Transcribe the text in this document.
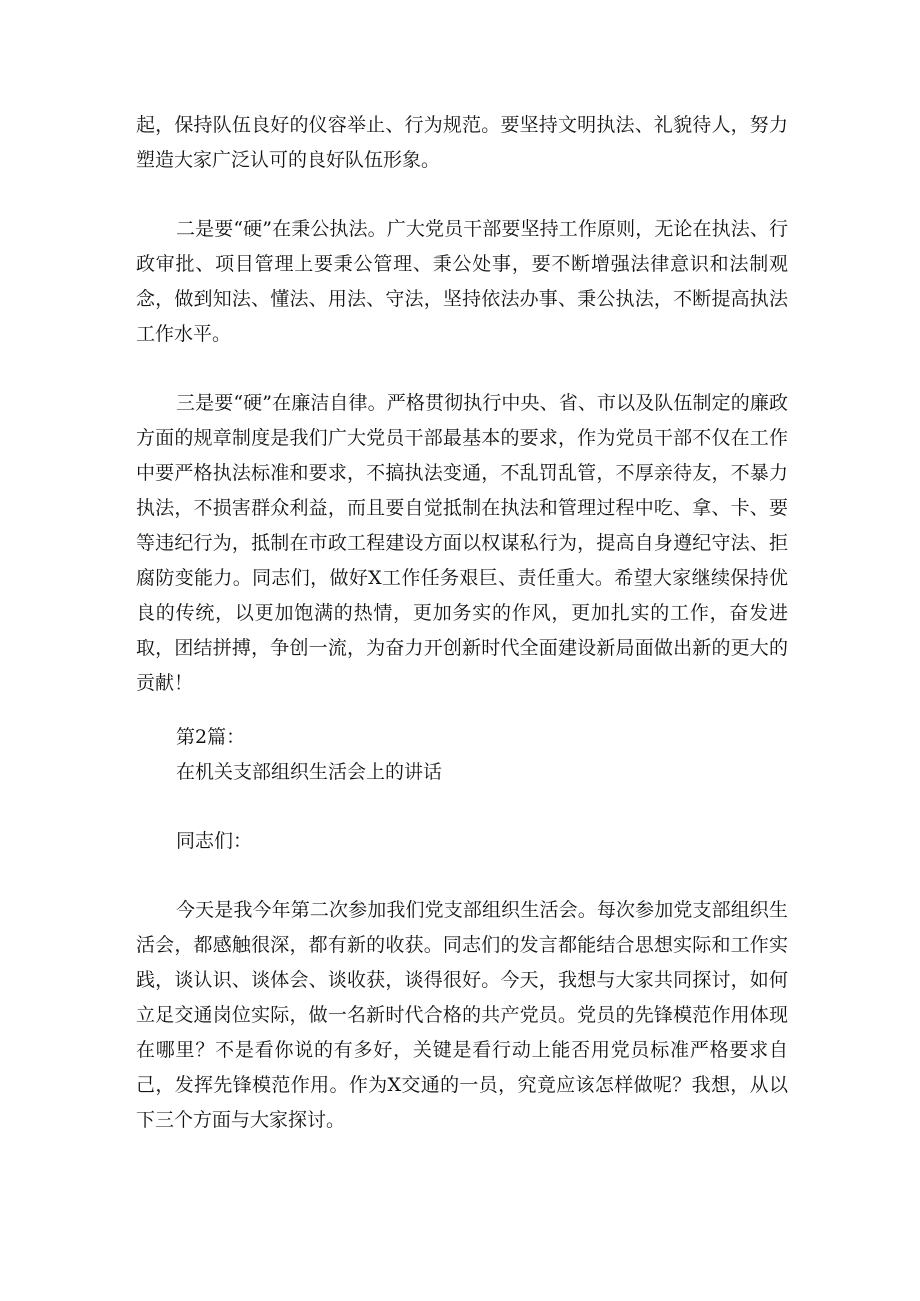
起，保持队伍良好的仪容举止、行为规范。要坚持文明执法、礼貌待人，努力塑造大家广泛认可的良好队伍形象。

二是要“硬”在秉公执法。广大党员干部要坚持工作原则，无论在执法、行政审批、项目管理上要秉公管理、秉公处事，要不断增强法律意识和法制观念，做到知法、懂法、用法、守法，坚持依法办事、秉公执法，不断提高执法工作水平。

三是要“硬”在廉洁自律。严格贯彻执行中央、省、市以及队伍制定的廉政方面的规章制度是我们广大党员干部最基本的要求，作为党员干部不仅在工作中要严格执法标准和要求，不搞执法变通，不乱罚乱管，不厚亲待友，不暴力执法，不损害群众利益，而且要自觉抵制在执法和管理过程中吃、拿、卡、要等违纪行为，抵制在市政工程建设方面以权谋私行为，提高自身遵纪守法、拒腐防变能力。同志们，做好X工作任务艰巨、责任重大。希望大家继续保持优良的传统，以更加饱满的热情，更加务实的作风，更加扎实的工作，奋发进取，团结拼搏，争创一流，为奋力开创新时代全面建设新局面做出新的更大的贡献！

第2篇：

在机关支部组织生活会上的讲话

同志们：

今天是我今年第二次参加我们党支部组织生活会。每次参加党支部组织生活会，都感触很深，都有新的收获。同志们的发言都能结合思想实际和工作实践，谈认识、谈体会、谈收获，谈得很好。今天，我想与大家共同探讨，如何立足交通岗位实际，做一名新时代合格的共产党员。党员的先锋模范作用体现在哪里？不是看你说的有多好，关键是看行动上能否用党员标准严格要求自己，发挥先锋模范作用。作为X交通的一员，究竟应该怎样做呢？我想，从以下三个方面与大家探讨。
